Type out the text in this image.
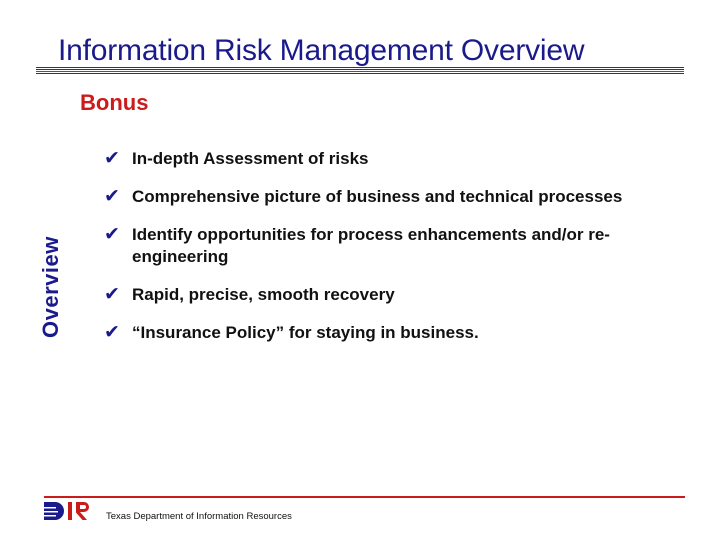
Information Risk Management Overview
Overview
Bonus
✔ In-depth Assessment of risks
✔ Comprehensive picture of business and technical processes
✔ Identify opportunities for process enhancements and/or re-engineering
✔ Rapid, precise, smooth recovery
✔ “Insurance Policy” for staying in business.
Texas Department of Information Resources
